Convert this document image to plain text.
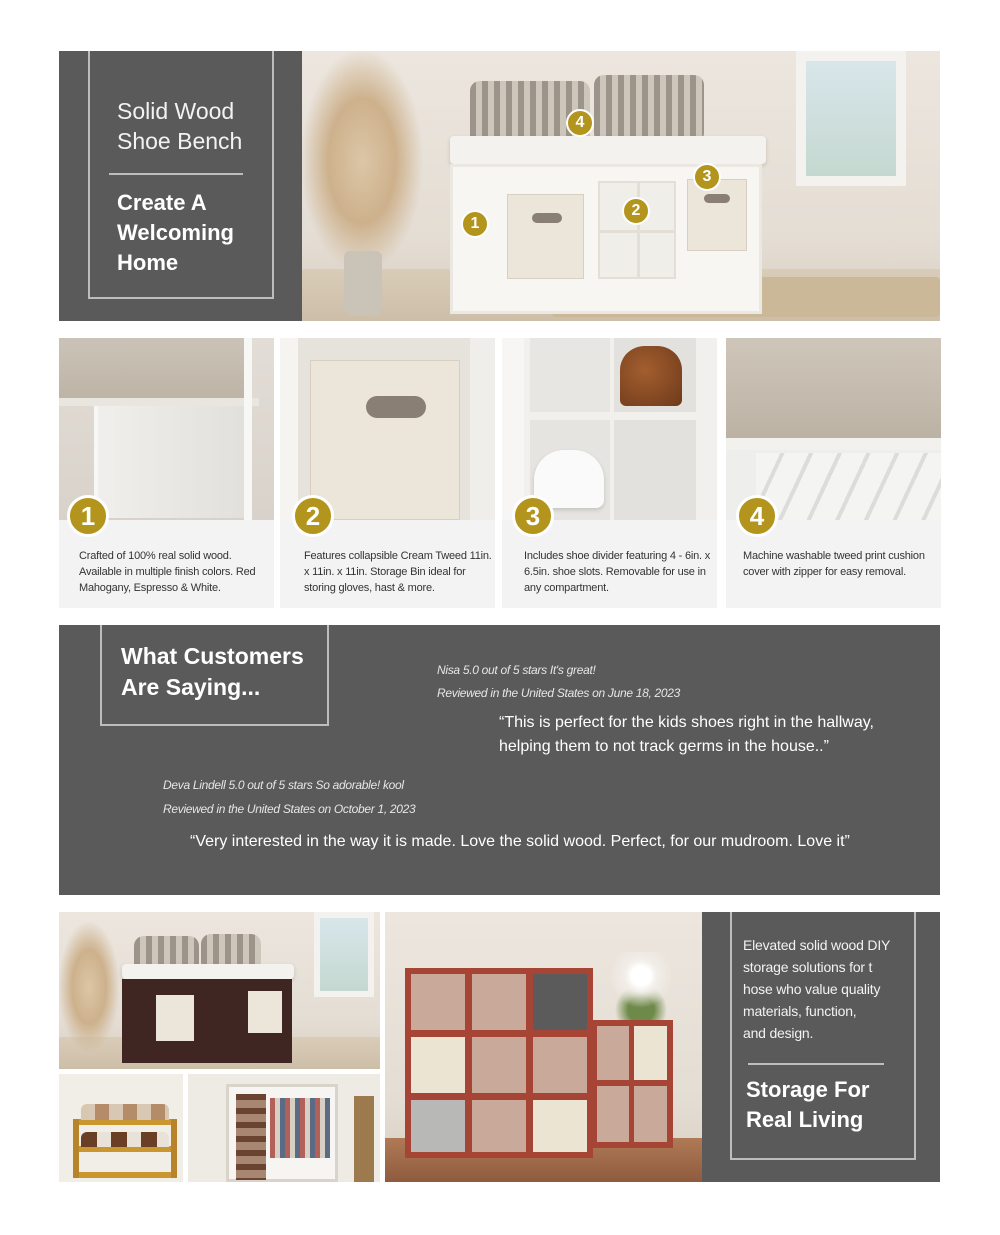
Solid Wood
Shoe Bench
Create A
Welcoming
Home
1
2
3
4
1
Crafted of 100% real solid wood. Available in multiple finish colors. Red Mahogany, Espresso & White.
2
Features collapsible Cream Tweed 11in. x 11in. x 11in. Storage Bin ideal for storing gloves, hast & more.
3
Includes shoe divider featuring 4 - 6in. x 6.5in. shoe slots. Removable for use in any compartment.
4
Machine washable tweed print cushion cover with zipper for easy removal.
What Customers
Are Saying...
Nisa 5.0 out of 5 stars It's great!
Reviewed in the United States on June 18, 2023
“This is perfect for the kids shoes right in the hallway,
helping them to not track germs in the house..”
Deva Lindell 5.0 out of 5 stars So adorable! kool
Reviewed in the United States on October 1, 2023
“Very interested in the way it is made. Love the solid wood. Perfect, for our mudroom. Love it”
Elevated solid wood DIY
storage solutions for t
hose who value quality
materials, function,
and design.
Storage For
Real Living
